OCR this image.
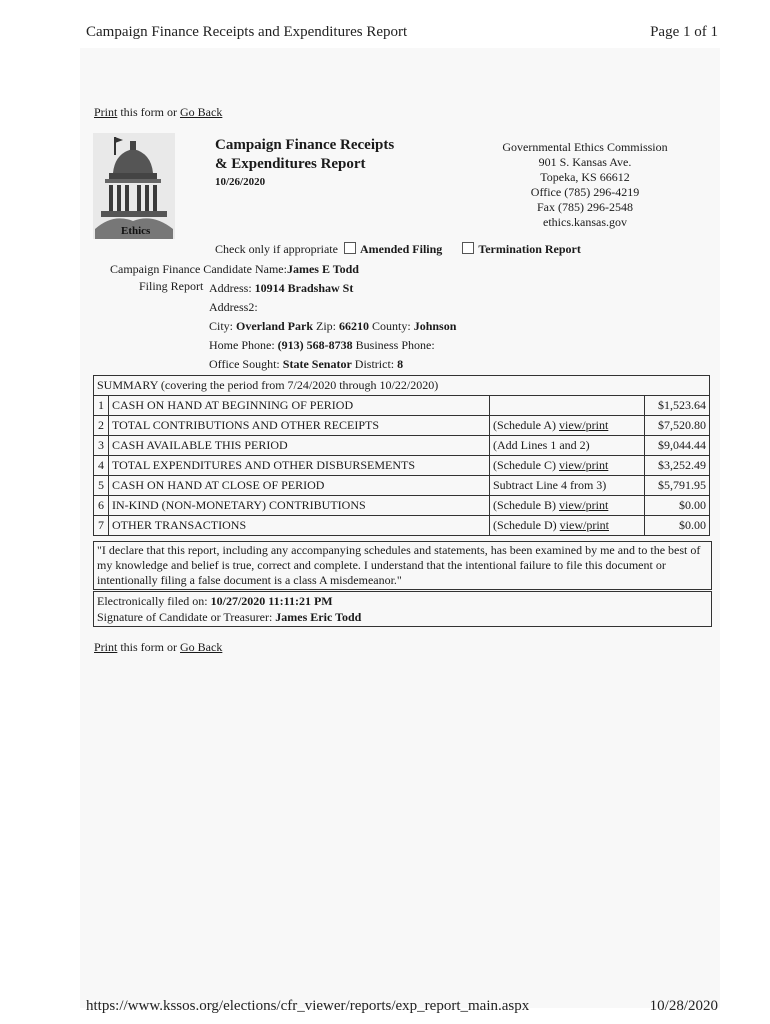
Campaign Finance Receipts and Expenditures Report	Page 1 of 1
Print this form or Go Back
Ethics
Campaign Finance Receipts
& Expenditures Report
10/26/2020
Governmental Ethics Commission
901 S. Kansas Ave.
Topeka, KS 66612
Office (785) 296-4219
Fax (785) 296-2548
ethics.kansas.gov
Check only if appropriate Amended Filing	Termination Report
Campaign Finance Candidate Name:James E Todd
Filing Report Address: 10914 Bradshaw St
Address2:
City: Overland Park Zip: 66210 County: Johnson
Home Phone: (913) 568-8738 Business Phone:
Office Sought: State Senator District: 8
SUMMARY (covering the period from 7/24/2020 through 10/22/2020)			
1	CASH ON HAND AT BEGINNING OF PERIOD		$1,523.64
2	TOTAL CONTRIBUTIONS AND OTHER RECEIPTS	(Schedule A) view/print	$7,520.80
3	CASH AVAILABLE THIS PERIOD	(Add Lines 1 and 2)	$9,044.44
4	TOTAL EXPENDITURES AND OTHER DISBURSEMENTS	(Schedule C) view/print	$3,252.49
5	CASH ON HAND AT CLOSE OF PERIOD	Subtract Line 4 from 3)	$5,791.95
6	IN-KIND (NON-MONETARY) CONTRIBUTIONS	(Schedule B) view/print	$0.00
7	OTHER TRANSACTIONS	(Schedule D) view/print	$0.00
"I declare that this report, including any accompanying schedules and statements, has been examined by me and to the best of my knowledge and belief is true, correct and complete. I understand that the intentional failure to file this document or intentionally filing a false document is a class A misdemeanor."
Electronically filed on: 10/27/2020 11:11:21 PM
Signature of Candidate or Treasurer: James Eric Todd
Print this form or Go Back
https://www.kssos.org/elections/cfr_viewer/reports/exp_report_main.aspx	10/28/2020
